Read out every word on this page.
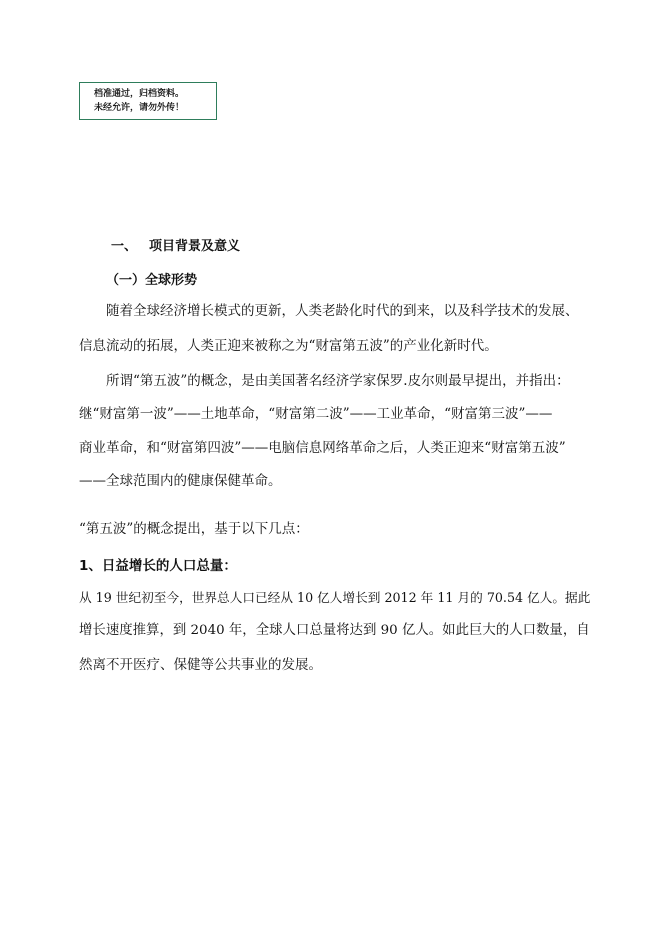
档准通过，归档资料。
未经允许，请勿外传！
一、 项目背景及意义
（一）全球形势
随着全球经济增长模式的更新，人类老龄化时代的到来，以及科学技术的发展、
信息流动的拓展，人类正迎来被称之为“财富第五波”的产业化新时代。
所谓“第五波”的概念，是由美国著名经济学家保罗.皮尔则最早提出，并指出：
继“财富第一波”——土地革命，“财富第二波”——工业革命，“财富第三波”——
商业革命，和“财富第四波”——电脑信息网络革命之后，人类正迎来“财富第五波”
——全球范围内的健康保健革命。
“第五波”的概念提出，基于以下几点：
1、日益增长的人口总量：
从 19 世纪初至今，世界总人口已经从 10 亿人增长到 2012 年 11 月的 70.54 亿人。据此
增长速度推算，到 2040 年，全球人口总量将达到 90 亿人。如此巨大的人口数量，自
然离不开医疗、保健等公共事业的发展。
